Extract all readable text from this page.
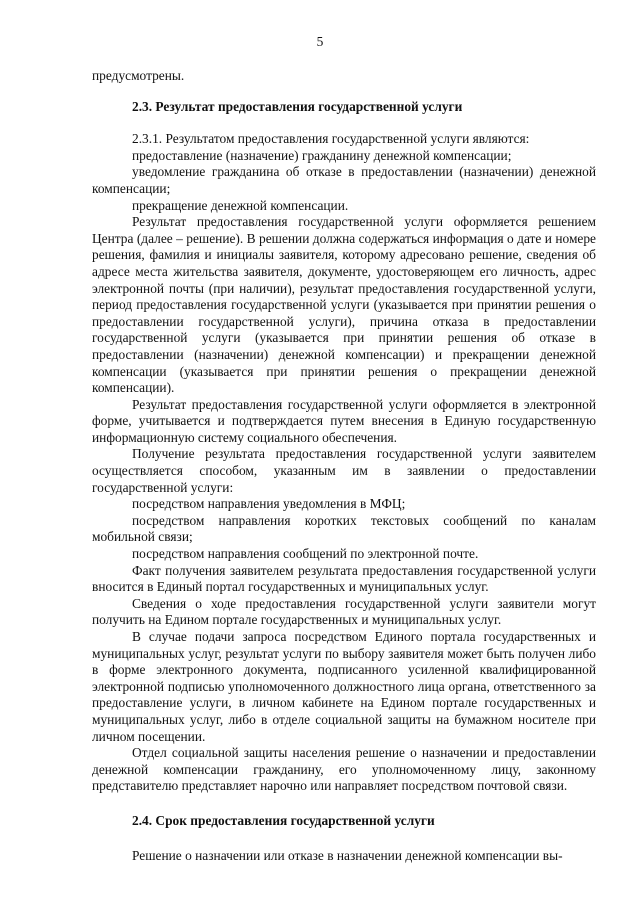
5

предусмотрены.

2.3. Результат предоставления государственной услуги

2.3.1. Результатом предоставления государственной услуги являются:

предоставление (назначение) гражданину денежной компенсации;

уведомление гражданина об отказе в предоставлении (назначении) денежной компенсации;

прекращение денежной компенсации.

Результат предоставления государственной услуги оформляется решением Центра (далее – решение). В решении должна содержаться информация о дате и номере решения, фамилия и инициалы заявителя, которому адресовано решение, сведения об адресе места жительства заявителя, документе, удостоверяющем его личность, адрес электронной почты (при наличии), результат предоставления государственной услуги, период предоставления государственной услуги (указывается при принятии решения о предоставлении государственной услуги), причина отказа в предоставлении государственной услуги (указывается при принятии решения об отказе в предоставлении (назначении) денежной компенсации) и прекращении денежной компенсации (указывается при принятии решения о прекращении денежной компенсации).

Результат предоставления государственной услуги оформляется в электронной форме, учитывается и подтверждается путем внесения в Единую государственную информационную систему социального обеспечения.

Получение результата предоставления государственной услуги заявителем осуществляется способом, указанным им в заявлении о предоставлении государственной услуги:

посредством направления уведомления в МФЦ;

посредством направления коротких текстовых сообщений по каналам мобильной связи;

посредством направления сообщений по электронной почте.

Факт получения заявителем результата предоставления государственной услуги вносится в Единый портал государственных и муниципальных услуг.

Сведения о ходе предоставления государственной услуги заявители могут получить на Едином портале государственных и муниципальных услуг.

В случае подачи запроса посредством Единого портала государственных и муниципальных услуг, результат услуги по выбору заявителя может быть получен либо в форме электронного документа, подписанного усиленной квалифицированной электронной подписью уполномоченного должностного лица органа, ответственного за предоставление услуги, в личном кабинете на Едином портале государственных и муниципальных услуг, либо в отделе социальной защиты на бумажном носителе при личном посещении.

Отдел социальной защиты населения решение о назначении и предоставлении денежной компенсации гражданину, его уполномоченному лицу, законному представителю представляет нарочно или направляет посредством почтовой связи.

2.4. Срок предоставления государственной услуги

Решение о назначении или отказе в назначении денежной компенсации вы-
